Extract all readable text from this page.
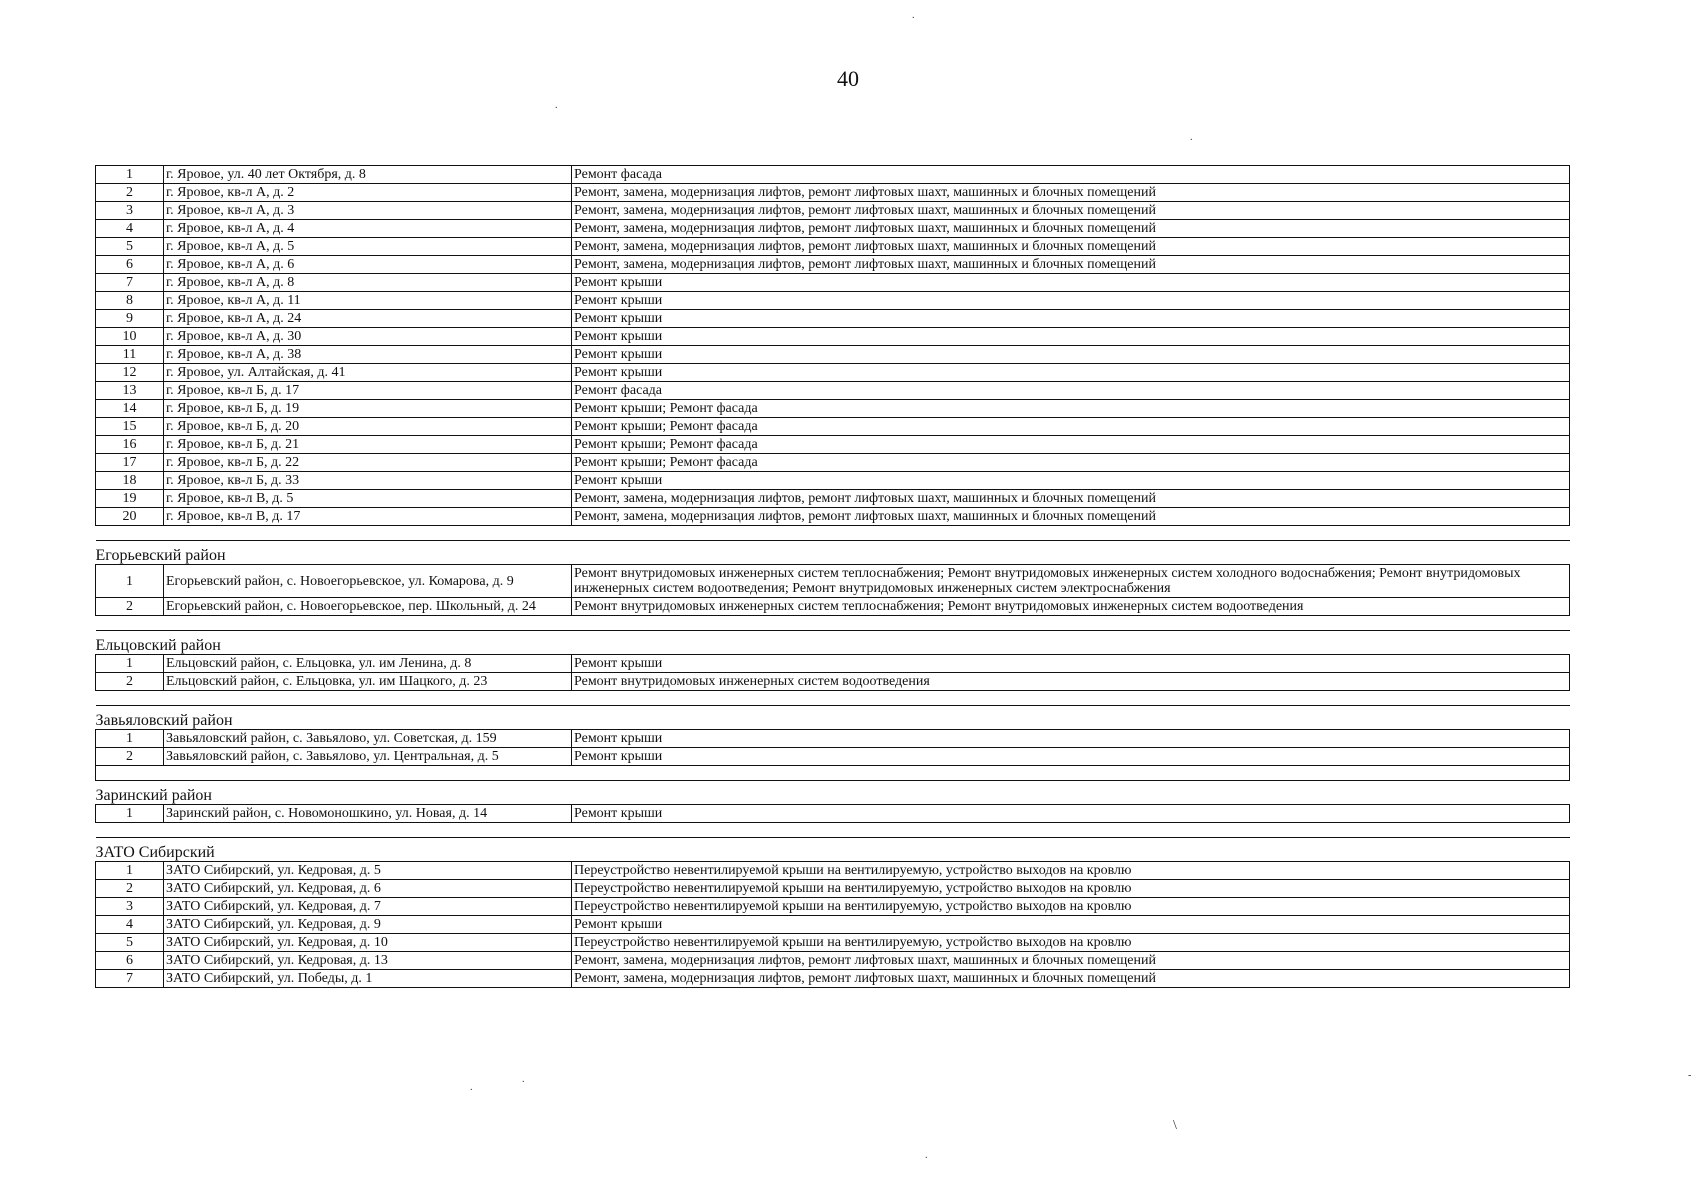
40
1	г. Яровое, ул. 40 лет Октября, д. 8	Ремонт фасада
2	г. Яровое, кв-л А, д. 2	Ремонт, замена, модернизация лифтов, ремонт лифтовых шахт, машинных и блочных помещений
3	г. Яровое, кв-л А, д. 3	Ремонт, замена, модернизация лифтов, ремонт лифтовых шахт, машинных и блочных помещений
4	г. Яровое, кв-л А, д. 4	Ремонт, замена, модернизация лифтов, ремонт лифтовых шахт, машинных и блочных помещений
5	г. Яровое, кв-л А, д. 5	Ремонт, замена, модернизация лифтов, ремонт лифтовых шахт, машинных и блочных помещений
6	г. Яровое, кв-л А, д. 6	Ремонт, замена, модернизация лифтов, ремонт лифтовых шахт, машинных и блочных помещений
7	г. Яровое, кв-л А, д. 8	Ремонт крыши
8	г. Яровое, кв-л А, д. 11	Ремонт крыши
9	г. Яровое, кв-л А, д. 24	Ремонт крыши
10	г. Яровое, кв-л А, д. 30	Ремонт крыши
11	г. Яровое, кв-л А, д. 38	Ремонт крыши
12	г. Яровое, ул. Алтайская, д. 41	Ремонт крыши
13	г. Яровое, кв-л Б, д. 17	Ремонт фасада
14	г. Яровое, кв-л Б, д. 19	Ремонт крыши; Ремонт фасада
15	г. Яровое, кв-л Б, д. 20	Ремонт крыши; Ремонт фасада
16	г. Яровое, кв-л Б, д. 21	Ремонт крыши; Ремонт фасада
17	г. Яровое, кв-л Б, д. 22	Ремонт крыши; Ремонт фасада
18	г. Яровое, кв-л Б, д. 33	Ремонт крыши
19	г. Яровое, кв-л В, д. 5	Ремонт, замена, модернизация лифтов, ремонт лифтовых шахт, машинных и блочных помещений
20	г. Яровое, кв-л В, д. 17	Ремонт, замена, модернизация лифтов, ремонт лифтовых шахт, машинных и блочных помещений

Егорьевский район		
1	Егорьевский район, с. Новоегорьевское, ул. Комарова, д. 9	Ремонт внутридомовых инженерных систем теплоснабжения; Ремонт внутридомовых инженерных систем холодного водоснабжения; Ремонт внутридомовых инженерных систем водоотведения; Ремонт внутридомовых инженерных систем электроснабжения
2	Егорьевский район, с. Новоегорьевское, пер. Школьный, д. 24	Ремонт внутридомовых инженерных систем теплоснабжения; Ремонт внутридомовых инженерных систем водоотведения

Ельцовский район		
1	Ельцовский район, с. Ельцовка, ул. им Ленина, д. 8	Ремонт крыши
2	Ельцовский район, с. Ельцовка, ул. им Шацкого, д. 23	Ремонт внутридомовых инженерных систем водоотведения

Завьяловский район		
1	Завьяловский район, с. Завьялово, ул. Советская, д. 159	Ремонт крыши
2	Завьяловский район, с. Завьялово, ул. Центральная, д. 5	Ремонт крыши

Заринский район		
1	Заринский район, с. Новомоношкино, ул. Новая, д. 14	Ремонт крыши

ЗАТО Сибирский		
1	ЗАТО Сибирский, ул. Кедровая, д. 5	Переустройство невентилируемой крыши на вентилируемую, устройство выходов на кровлю
2	ЗАТО Сибирский, ул. Кедровая, д. 6	Переустройство невентилируемой крыши на вентилируемую, устройство выходов на кровлю
3	ЗАТО Сибирский, ул. Кедровая, д. 7	Переустройство невентилируемой крыши на вентилируемую, устройство выходов на кровлю
4	ЗАТО Сибирский, ул. Кедровая, д. 9	Ремонт крыши
5	ЗАТО Сибирский, ул. Кедровая, д. 10	Переустройство невентилируемой крыши на вентилируемую, устройство выходов на кровлю
6	ЗАТО Сибирский, ул. Кедровая, д. 13	Ремонт, замена, модернизация лифтов, ремонт лифтовых шахт, машинных и блочных помещений
7	ЗАТО Сибирский, ул. Победы, д. 1	Ремонт, замена, модернизация лифтов, ремонт лифтовых шахт, машинных и блочных помещений
.
.
.
.
.
.
\
-
